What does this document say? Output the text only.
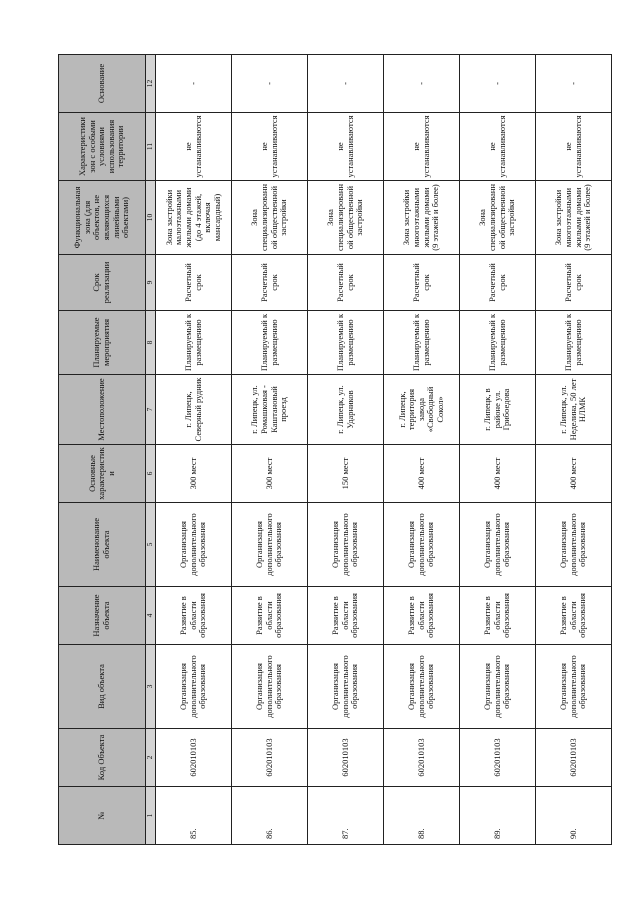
№	Код Объекта	Вид объекта	Назначение объекта	Наименование объекта	Основные характеристики	Местоположение	Планируемые мероприятия	Срок реализации	Функциональная зона (для объектов, не являющихся линейными объектами)	Характеристики зон с особыми условиями использования территории	Основание
1	2	3	4	5	6	7	8	9	10	11	12
85.	602010103	Организация дополнительного образования	Развитие в области образования	Организация дополнительного образования	300 мест	г. Липецк, Северный рудник	Планируемый к размещению	Расчетный срок	Зона застройки малоэтажными жилыми домами (до 4 этажей, включая мансардный)	не устанавливаются	-
86.	602010103	Организация дополнительного образования	Развитие в области образования	Организация дополнительного образования	300 мест	г. Липецк, ул. Ромашковая - Каштановый проезд	Планируемый к размещению	Расчетный срок	Зона специализированной общественной застройки	не устанавливаются	-
87.	602010103	Организация дополнительного образования	Развитие в области образования	Организация дополнительного образования	150 мест	г. Липецк, ул. Ударников	Планируемый к размещению	Расчетный срок	Зона специализированной общественной застройки	не устанавливаются	-
88.	602010103	Организация дополнительного образования	Развитие в области образования	Организация дополнительного образования	400 мест	г. Липецк, территория завода «Свободный Сокол»	Планируемый к размещению	Расчетный срок	Зона застройки многоэтажными жилыми домами (9 этажей и более)	не устанавливаются	-
89.	602010103	Организация дополнительного образования	Развитие в области образования	Организация дополнительного образования	400 мест	г. Липецк, в районе ул. Грибоедова	Планируемый к размещению	Расчетный срок	Зона специализированной общественной застройки	не устанавливаются	-
90.	602010103	Организация дополнительного образования	Развитие в области образования	Организация дополнительного образования	400 мест	г. Липецк, ул. Неделина, 50 лет НЛМК	Планируемый к размещению	Расчетный срок	Зона застройки многоэтажными жилыми домами (9 этажей и более)	не устанавливаются	-
